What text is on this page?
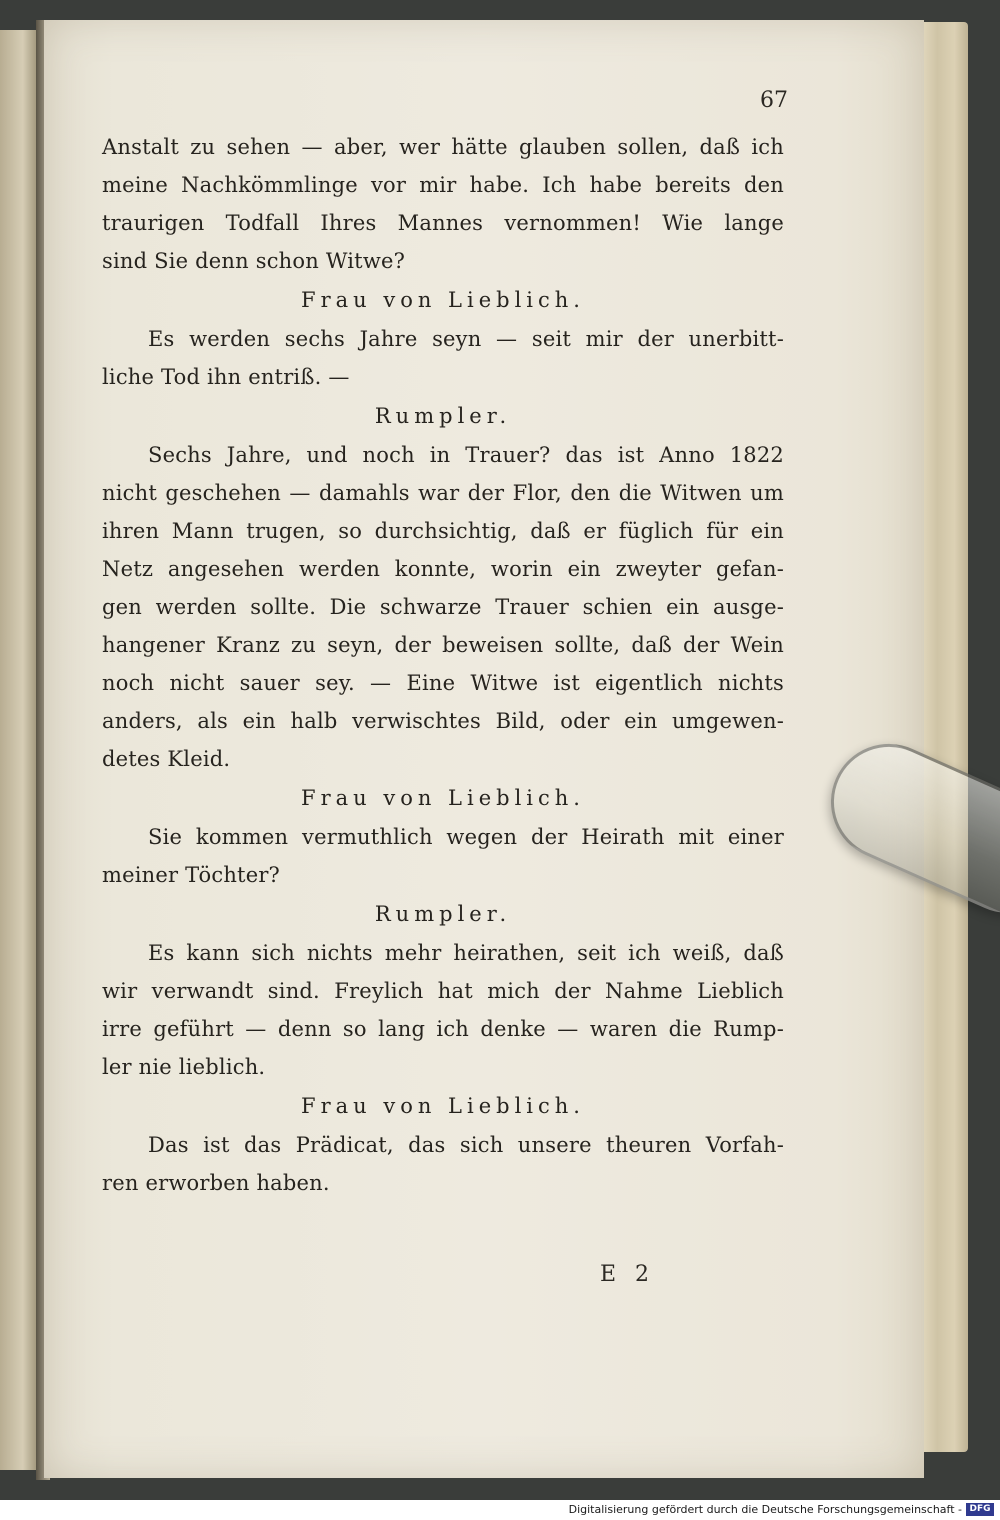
67
Anstalt zu sehen — aber, wer hätte glauben sollen, daß ich
meine Nachkömmlinge vor mir habe. Ich habe bereits den
traurigen Todfall Ihres Mannes vernommen! Wie lange
sind Sie denn schon Witwe?
Frau von Lieblich.
Es werden sechs Jahre seyn — seit mir der unerbitt-
liche Tod ihn entriß. —
Rumpler.
Sechs Jahre, und noch in Trauer? das ist Anno 1822
nicht geschehen — damahls war der Flor, den die Witwen um
ihren Mann trugen, so durchsichtig, daß er füglich für ein
Netz angesehen werden konnte, worin ein zweyter gefan-
gen werden sollte. Die schwarze Trauer schien ein ausge-
hangener Kranz zu seyn, der beweisen sollte, daß der Wein
noch nicht sauer sey. — Eine Witwe ist eigentlich nichts
anders, als ein halb verwischtes Bild, oder ein umgewen-
detes Kleid.
Frau von Lieblich.
Sie kommen vermuthlich wegen der Heirath mit einer
meiner Töchter?
Rumpler.
Es kann sich nichts mehr heirathen, seit ich weiß, daß
wir verwandt sind. Freylich hat mich der Nahme Lieblich
irre geführt — denn so lang ich denke — waren die Rump-
ler nie lieblich.
Frau von Lieblich.
Das ist das Prädicat, das sich unsere theuren Vorfah-
ren erworben haben.
E 2
Digitalisierung gefördert durch die Deutsche Forschungsgemeinschaft - DFG
